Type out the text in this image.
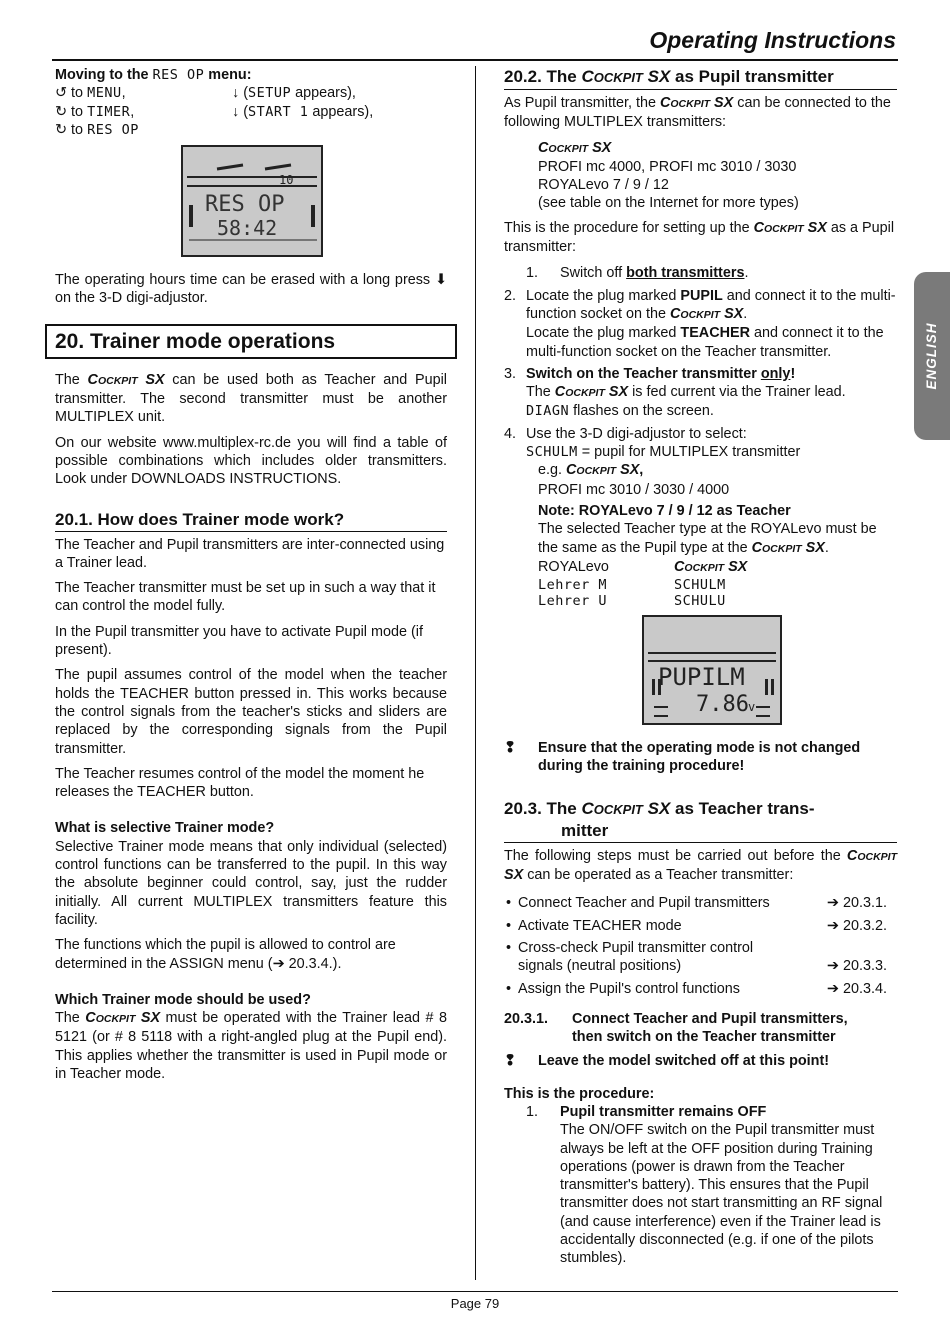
Operating Instructions
ENGLISH
Moving to the RES OP menu:
↺ to MENU,	↓ (SETUP appears),
↻ to TIMER,	↓ (START 1 appears),
↻ to RES OP
10
RES OP
58:42

The operating hours time can be erased with a long press ⬇ on the 3-D digi-adjustor.

20. Trainer mode operations

The COCKPIT SX can be used both as Teacher and Pupil transmitter. The second transmitter must be another MULTIPLEX unit.

On our website www.multiplex-rc.de you will find a table of possible combinations which includes older transmitters. Look under DOWNLOADS INSTRUCTIONS.

20.1. How does Trainer mode work?

The Teacher and Pupil transmitters are inter-connected using a Trainer lead.

The Teacher transmitter must be set up in such a way that it can control the model fully.

In the Pupil transmitter you have to activate Pupil mode (if present).

The pupil assumes control of the model when the teacher holds the TEACHER button pressed in. This works because the control signals from the teacher's sticks and sliders are replaced by the corresponding signals from the Pupil transmitter.

The Teacher resumes control of the model the moment he releases the TEACHER button.

What is selective Trainer mode?

Selective Trainer mode means that only individual (selected) control functions can be transferred to the pupil. In this way the absolute beginner could control, say, just the rudder initially. All current MULTIPLEX transmitters feature this facility.

The functions which the pupil is allowed to control are determined in the ASSIGN menu (➔ 20.3.4.).

Which Trainer mode should be used?

The COCKPIT SX must be operated with the Trainer lead # 8 5121 (or # 8 5118 with a right-angled plug at the Pupil end). This applies whether the transmitter is used in Pupil mode or in Teacher mode.

20.2. The COCKPIT SX as Pupil transmitter

As Pupil transmitter, the COCKPIT SX can be connected to the following MULTIPLEX transmitters:

COCKPIT SX
PROFI mc 4000, PROFI mc 3010 / 3030
ROYALevo 7 / 9 / 12
(see table on the Internet for more types)

This is the procedure for setting up the COCKPIT SX as a Pupil transmitter:

1. Switch off both transmitters.
2. Locate the plug marked PUPIL and connect it to the multi-function socket on the COCKPIT SX.
Locate the plug marked TEACHER and connect it to the multi-function socket on the Teacher transmitter.
3. Switch on the Teacher transmitter only!
The COCKPIT SX is fed current via the Trainer lead.
DIAGN flashes on the screen.
4. Use the 3-D digi-adjustor to select:
SCHULM = pupil for MULTIPLEX transmitter
e.g. COCKPIT SX,
PROFI mc 3010 / 3030 / 4000
Note: ROYALevo 7 / 9 / 12 as Teacher
The selected Teacher type at the ROYALevo must be the same as the Pupil type at the COCKPIT SX.
ROYALevo	COCKPIT SX
Lehrer M	SCHULM
Lehrer U	SCHULU
PUPILM
7.86 v
❢ Ensure that the operating mode is not changed during the training procedure!
20.3. The COCKPIT SX as Teacher trans-
mitter

The following steps must be carried out before the COCKPIT SX can be operated as a Teacher transmitter:

• Connect Teacher and Pupil transmitters	➔ 20.3.1.
• Activate TEACHER mode	➔ 20.3.2.
• Cross-check Pupil transmitter control
signals (neutral positions)	➔ 20.3.3.
• Assign the Pupil's control functions	➔ 20.3.4.
20.3.1. Connect Teacher and Pupil transmitters,
then switch on the Teacher transmitter
❢ Leave the model switched off at this point!
This is the procedure:
1. Pupil transmitter remains OFF
The ON/OFF switch on the Pupil transmitter must always be left at the OFF position during Training operations (power is drawn from the Teacher transmitter's battery). This ensures that the Pupil transmitter does not start transmitting an RF signal (and cause interference) even if the Trainer lead is accidentally disconnected (e.g. if one of the pilots stumbles).
Page 79
